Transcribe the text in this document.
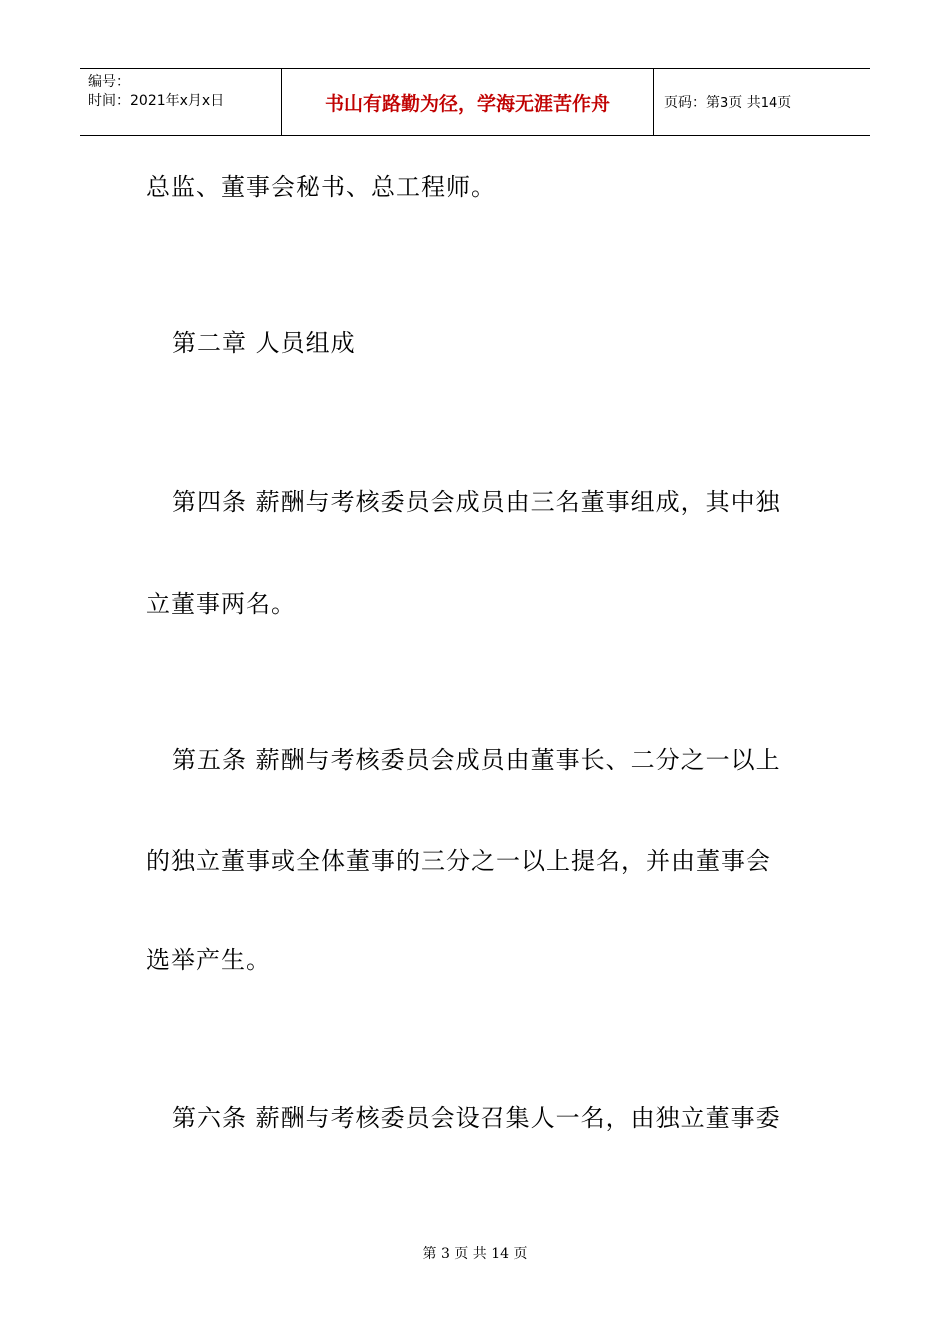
编号：
时间：2021年x月x日	书山有路勤为径，学海无涯苦作舟	页码：第3页 共14页
总监、董事会秘书、总工程师。
第二章 人员组成
第四条 薪酬与考核委员会成员由三名董事组成，其中独
立董事两名。
第五条 薪酬与考核委员会成员由董事长、二分之一以上
的独立董事或全体董事的三分之一以上提名，并由董事会
选举产生。
第六条 薪酬与考核委员会设召集人一名，由独立董事委
第 3 页 共 14 页
